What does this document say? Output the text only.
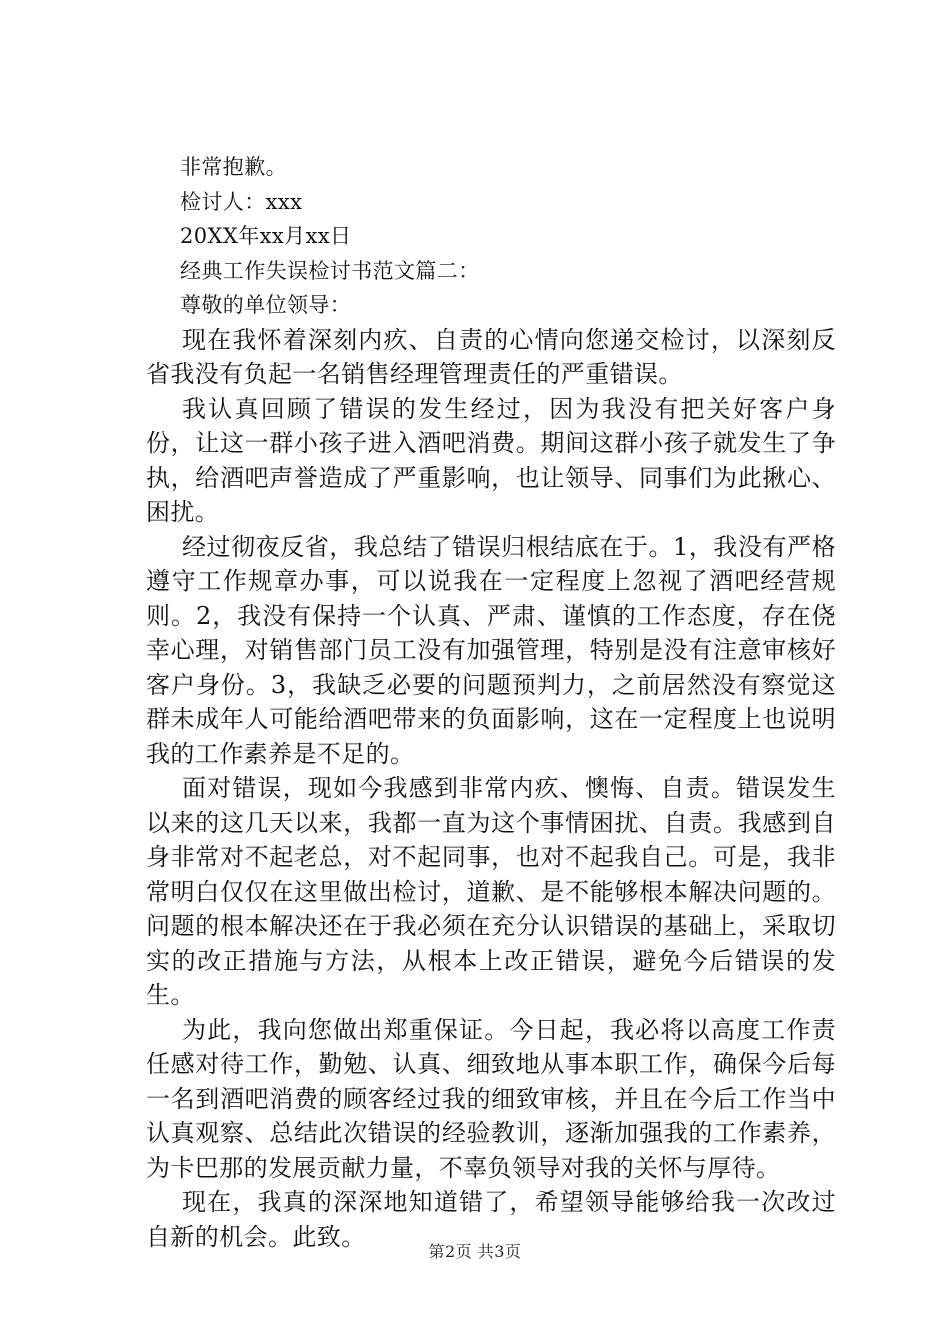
非常抱歉。
检讨人：xxx
20XX年xx月xx日
经典工作失误检讨书范文篇二：
尊敬的单位领导：

现在我怀着深刻内疚、自责的心情向您递交检讨，以深刻反省我没有负起一名销售经理管理责任的严重错误。

我认真回顾了错误的发生经过，因为我没有把关好客户身份，让这一群小孩子进入酒吧消费。期间这群小孩子就发生了争执，给酒吧声誉造成了严重影响，也让领导、同事们为此揪心、困扰。

经过彻夜反省，我总结了错误归根结底在于。1，我没有严格遵守工作规章办事，可以说我在一定程度上忽视了酒吧经营规则。2，我没有保持一个认真、严肃、谨慎的工作态度，存在侥幸心理，对销售部门员工没有加强管理，特别是没有注意审核好客户身份。3，我缺乏必要的问题预判力，之前居然没有察觉这群未成年人可能给酒吧带来的负面影响，这在一定程度上也说明我的工作素养是不足的。

面对错误，现如今我感到非常内疚、懊悔、自责。错误发生以来的这几天以来，我都一直为这个事情困扰、自责。我感到自身非常对不起老总，对不起同事，也对不起我自己。可是，我非常明白仅仅在这里做出检讨，道歉、是不能够根本解决问题的。问题的根本解决还在于我必须在充分认识错误的基础上，采取切实的改正措施与方法，从根本上改正错误，避免今后错误的发生。

为此，我向您做出郑重保证。今日起，我必将以高度工作责任感对待工作，勤勉、认真、细致地从事本职工作，确保今后每一名到酒吧消费的顾客经过我的细致审核，并且在今后工作当中认真观察、总结此次错误的经验教训，逐渐加强我的工作素养，为卡巴那的发展贡献力量，不辜负领导对我的关怀与厚待。

现在，我真的深深地知道错了，希望领导能够给我一次改过自新的机会。此致。

第2页 共3页
